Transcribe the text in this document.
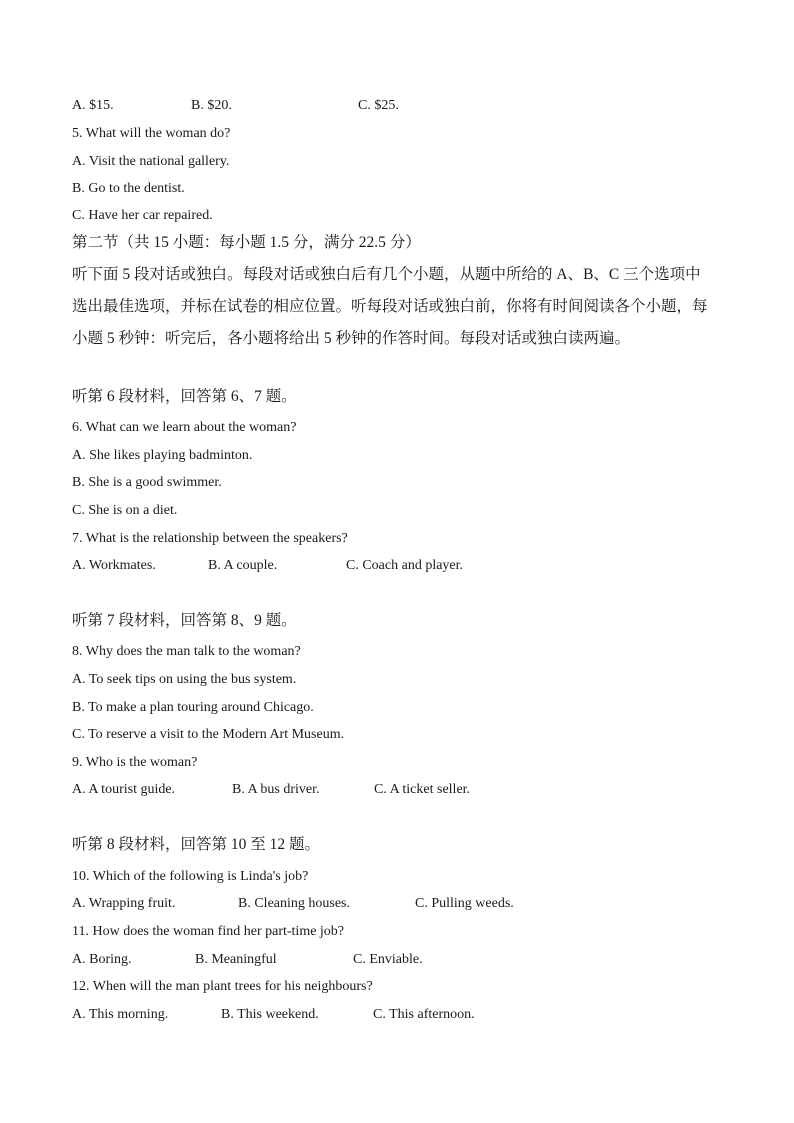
A. $15.	B. $20.	C. $25.
5. What will the woman do?
A. Visit the national gallery.
B. Go to the dentist.
C. Have her car repaired.
第二节（共 15 小题：每小题 1.5 分，满分 22.5 分）
听下面 5 段对话或独白。每段对话或独白后有几个小题，从题中所给的 A、B、C 三个选项中
选出最佳选项，并标在试卷的相应位置。听每段对话或独白前，你将有时间阅读各个小题，每
小题 5 秒钟：听完后，各小题将给出 5 秒钟的作答时间。每段对话或独白读两遍。
听第 6 段材料，回答第 6、7 题。
6. What can we learn about the woman?
A. She likes playing badminton.
B. She is a good swimmer.
C. She is on a diet.
7. What is the relationship between the speakers?
A. Workmates.	B. A couple.	C. Coach and player.
听第 7 段材料，回答第 8、9 题。
8. Why does the man talk to the woman?
A. To seek tips on using the bus system.
B. To make a plan touring around Chicago.
C. To reserve a visit to the Modern Art Museum.
9. Who is the woman?
A. A tourist guide.	B. A bus driver.	C. A ticket seller.
听第 8 段材料，回答第 10 至 12 题。
10. Which of the following is Linda's job?
A. Wrapping fruit.	B. Cleaning houses.	C. Pulling weeds.
11. How does the woman find her part-time job?
A. Boring.	B. Meaningful	C. Enviable.
12. When will the man plant trees for his neighbours?
A. This morning.	B. This weekend.	C. This afternoon.
